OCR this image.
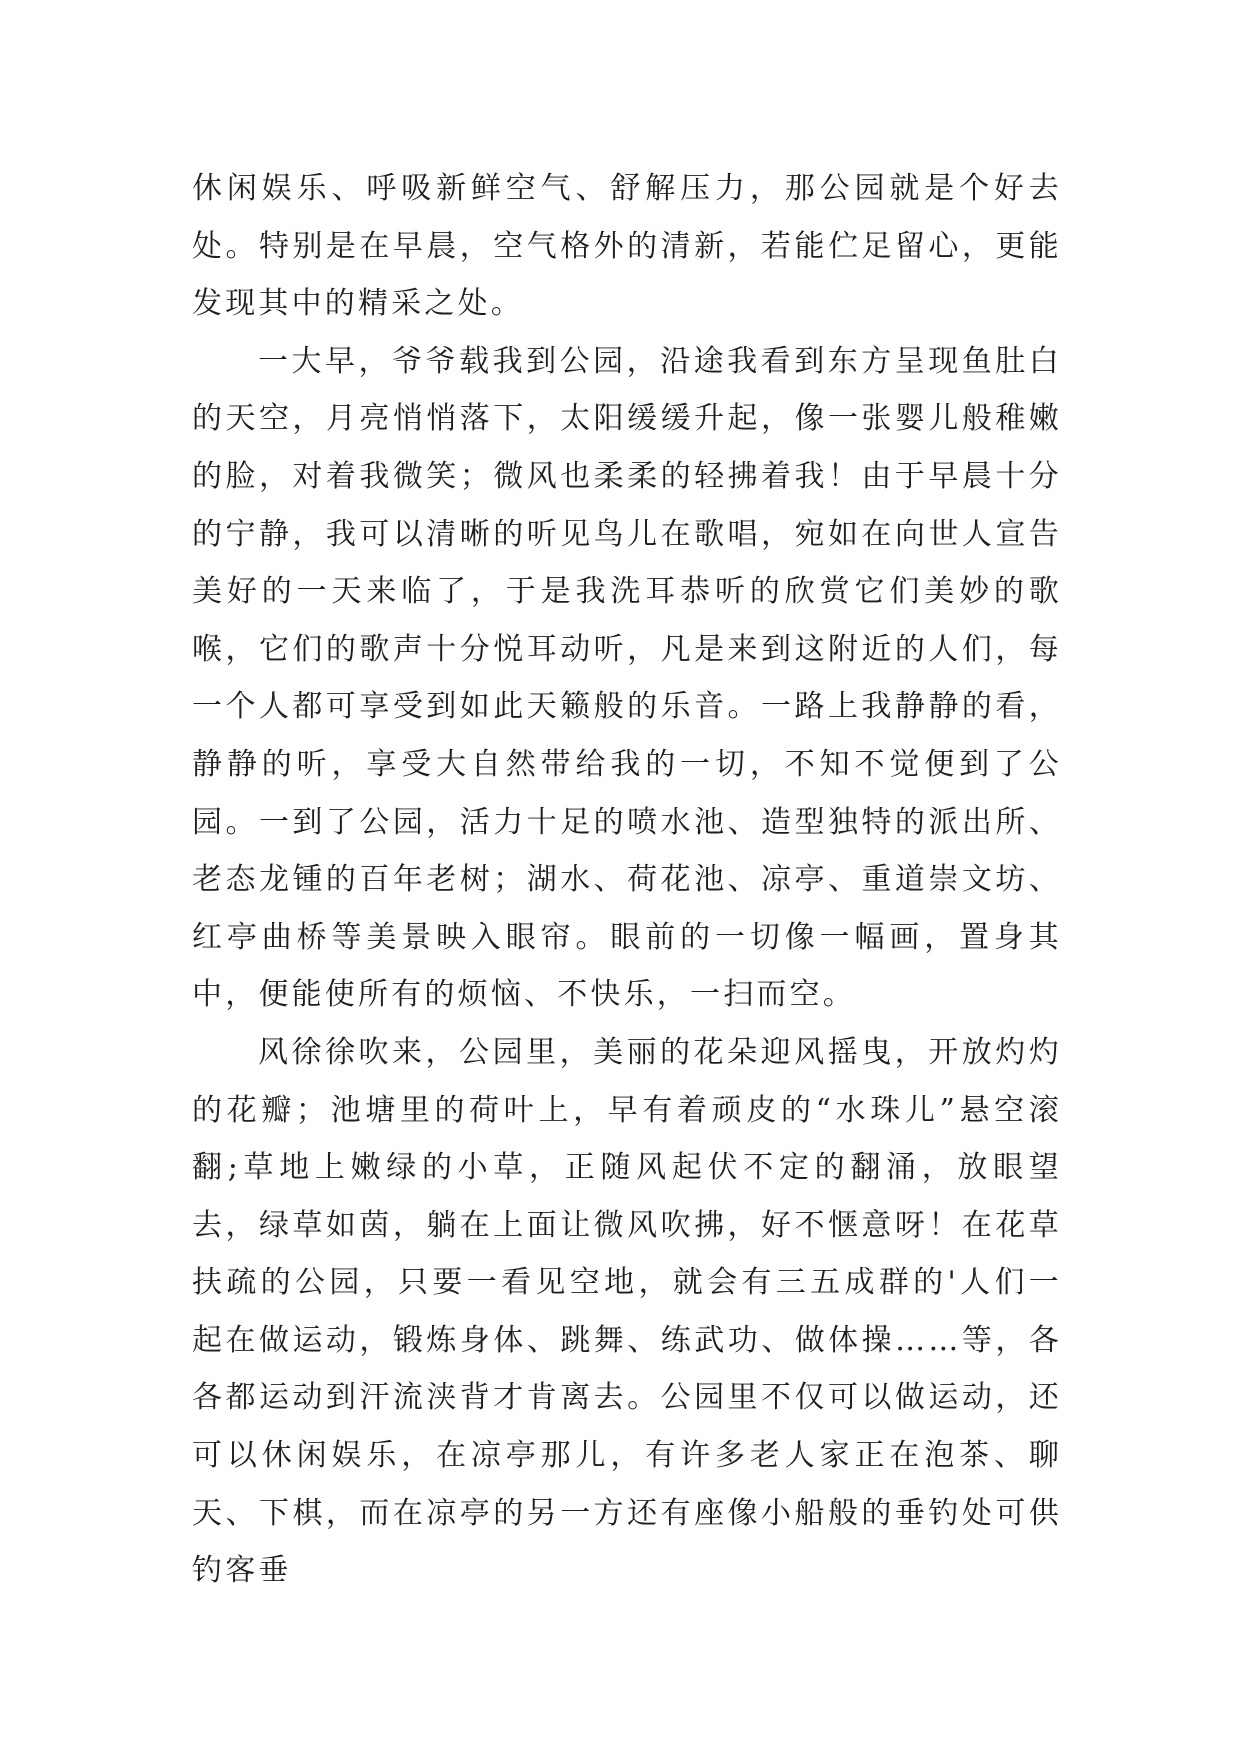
休闲娱乐、呼吸新鲜空气、舒解压力，那公园就是个好去处。特别是在早晨，空气格外的清新，若能伫足留心，更能发现其中的精采之处。

一大早，爷爷载我到公园，沿途我看到东方呈现鱼肚白的天空，月亮悄悄落下，太阳缓缓升起，像一张婴儿般稚嫩的脸，对着我微笑；微风也柔柔的轻拂着我！由于早晨十分的宁静，我可以清晰的听见鸟儿在歌唱，宛如在向世人宣告美好的一天来临了，于是我洗耳恭听的欣赏它们美妙的歌喉，它们的歌声十分悦耳动听，凡是来到这附近的人们，每一个人都可享受到如此天籁般的乐音。一路上我静静的看，静静的听，享受大自然带给我的一切，不知不觉便到了公园。一到了公园，活力十足的喷水池、造型独特的派出所、老态龙锺的百年老树；湖水、荷花池、凉亭、重道崇文坊、红亭曲桥等美景映入眼帘。眼前的一切像一幅画，置身其中，便能使所有的烦恼、不快乐，一扫而空。

风徐徐吹来，公园里，美丽的花朵迎风摇曳，开放灼灼的花瓣；池塘里的荷叶上，早有着顽皮的“水珠儿”悬空滚翻;草地上嫩绿的小草，正随风起伏不定的翻涌，放眼望去，绿草如茵，躺在上面让微风吹拂，好不惬意呀！在花草扶疏的公园，只要一看见空地，就会有三五成群的'人们一起在做运动，锻炼身体、跳舞、练武功、做体操……等，各各都运动到汗流浃背才肯离去。公园里不仅可以做运动，还可以休闲娱乐，在凉亭那儿，有许多老人家正在泡茶、聊天、下棋，而在凉亭的另一方还有座像小船般的垂钓处可供钓客垂
